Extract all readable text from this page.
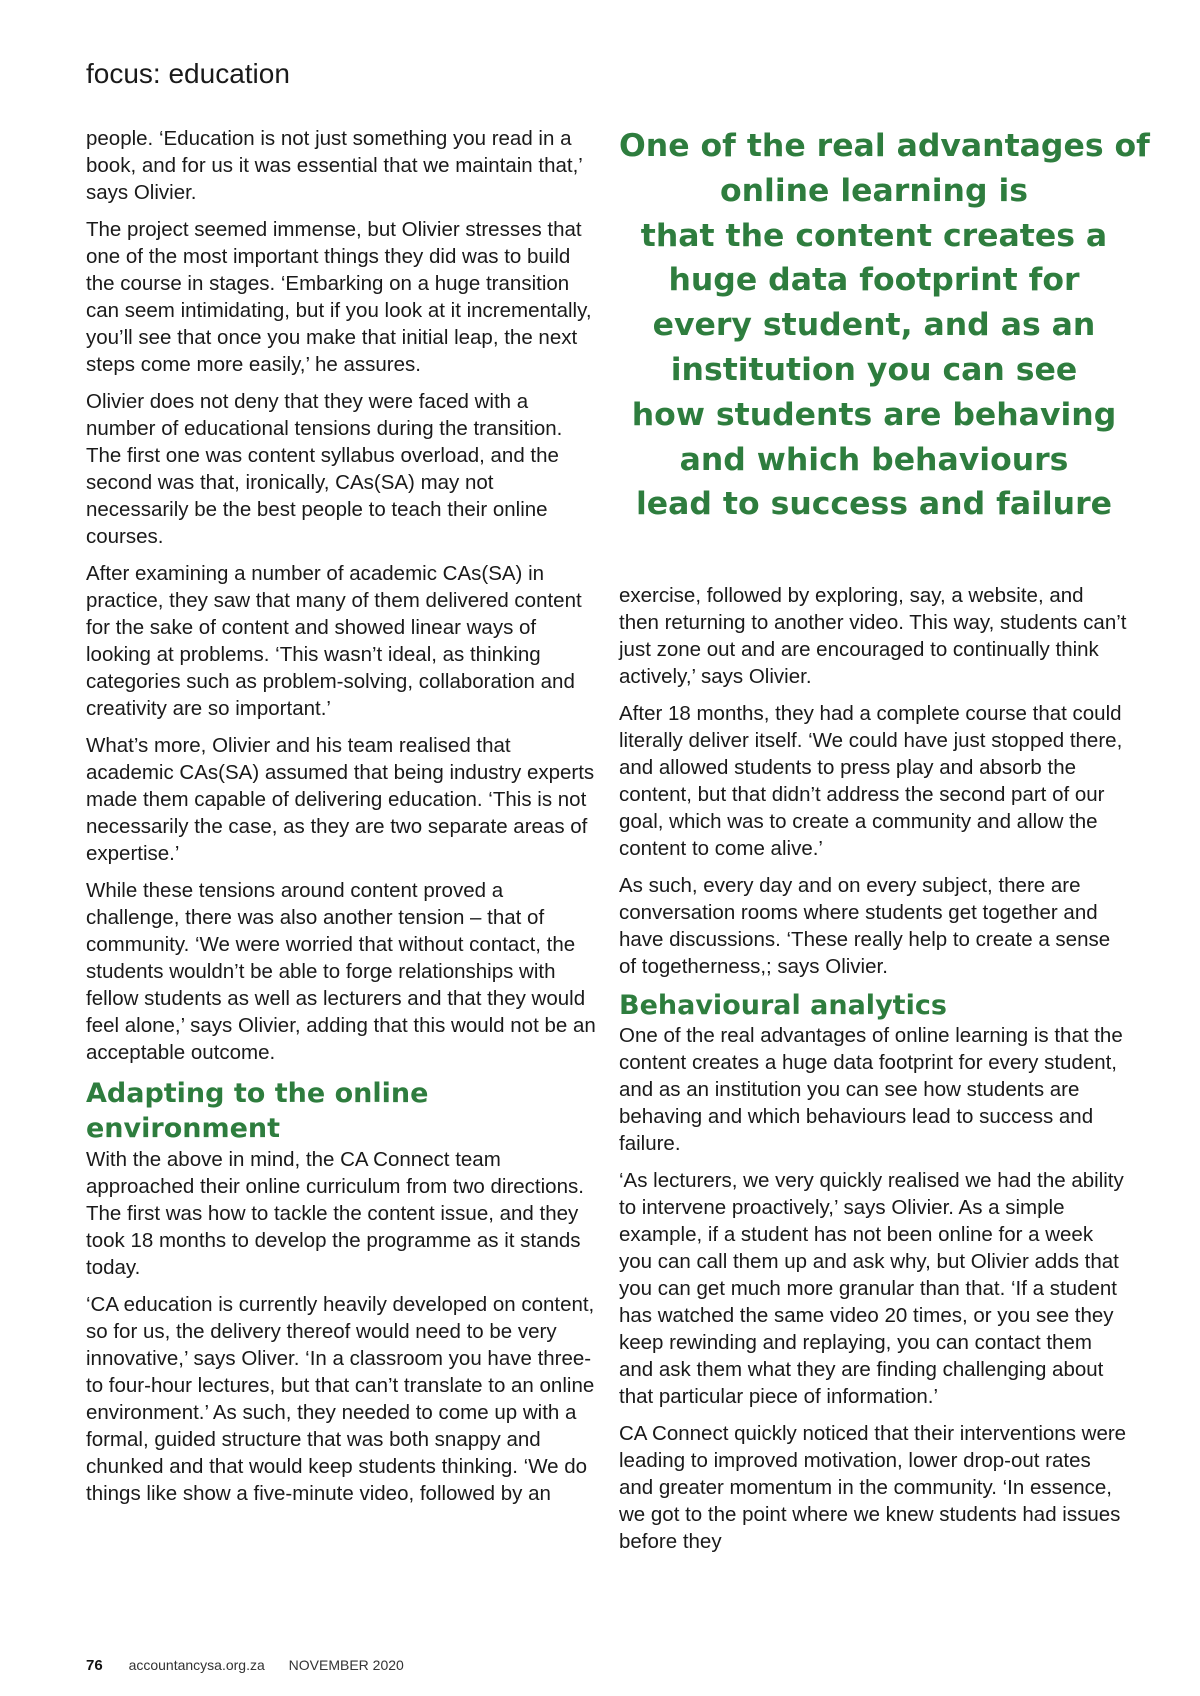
focus: education

people. ‘Education is not just something you read in a book, and for us it was essential that we maintain that,’ says Olivier.

The project seemed immense, but Olivier stresses that one of the most important things they did was to build the course in stages. ‘Embarking on a huge transition can seem intimidating, but if you look at it incrementally, you’ll see that once you make that initial leap, the next steps come more easily,’ he assures.

Olivier does not deny that they were faced with a number of educational tensions during the transition. The first one was content syllabus overload, and the second was that, ironically, CAs(SA) may not necessarily be the best people to teach their online courses.

After examining a number of academic CAs(SA) in practice, they saw that many of them delivered content for the sake of content and showed linear ways of looking at problems. ‘This wasn’t ideal, as thinking categories such as problem-solving, collaboration and creativity are so important.’

What’s more, Olivier and his team realised that academic CAs(SA) assumed that being industry experts made them capable of delivering education. ‘This is not necessarily the case, as they are two separate areas of expertise.’

While these tensions around content proved a challenge, there was also another tension – that of community. ‘We were worried that without contact, the students wouldn’t be able to forge relationships with fellow students as well as lecturers and that they would feel alone,’ says Olivier, adding that this would not be an acceptable outcome.

Adapting to the online environment

With the above in mind, the CA Connect team approached their online curriculum from two directions. The first was how to tackle the content issue, and they took 18 months to develop the programme as it stands today.

‘CA education is currently heavily developed on content, so for us, the delivery thereof would need to be very innovative,’ says Oliver. ‘In a classroom you have three- to four-hour lectures, but that can’t translate to an online environment.’ As such, they needed to come up with a formal, guided structure that was both snappy and chunked and that would keep students thinking. ‘We do things like show a five-minute video, followed by an

One of the real advantages of
online learning is
that the content creates a
huge data footprint for
every student, and as an
institution you can see
how students are behaving
and which behaviours
lead to success and failure

exercise, followed by exploring, say, a website, and then returning to another video. This way, students can’t just zone out and are encouraged to continually think actively,’ says Olivier.

After 18 months, they had a complete course that could literally deliver itself. ‘We could have just stopped there, and allowed students to press play and absorb the content, but that didn’t address the second part of our goal, which was to create a community and allow the content to come alive.’

As such, every day and on every subject, there are conversation rooms where students get together and have discussions. ‘These really help to create a sense of togetherness,; says Olivier.

Behavioural analytics

One of the real advantages of online learning is that the content creates a huge data footprint for every student, and as an institution you can see how students are behaving and which behaviours lead to success and failure.

‘As lecturers, we very quickly realised we had the ability to intervene proactively,’ says Olivier. As a simple example, if a student has not been online for a week you can call them up and ask why, but Olivier adds that you can get much more granular than that. ‘If a student has watched the same video 20 times, or you see they keep rewinding and replaying, you can contact them and ask them what they are finding challenging about that particular piece of information.’

CA Connect quickly noticed that their interventions were leading to improved motivation, lower drop-out rates and greater momentum in the community. ‘In essence, we got to the point where we knew students had issues before they

76 accountancysa.org.za NOVEMBER 2020
